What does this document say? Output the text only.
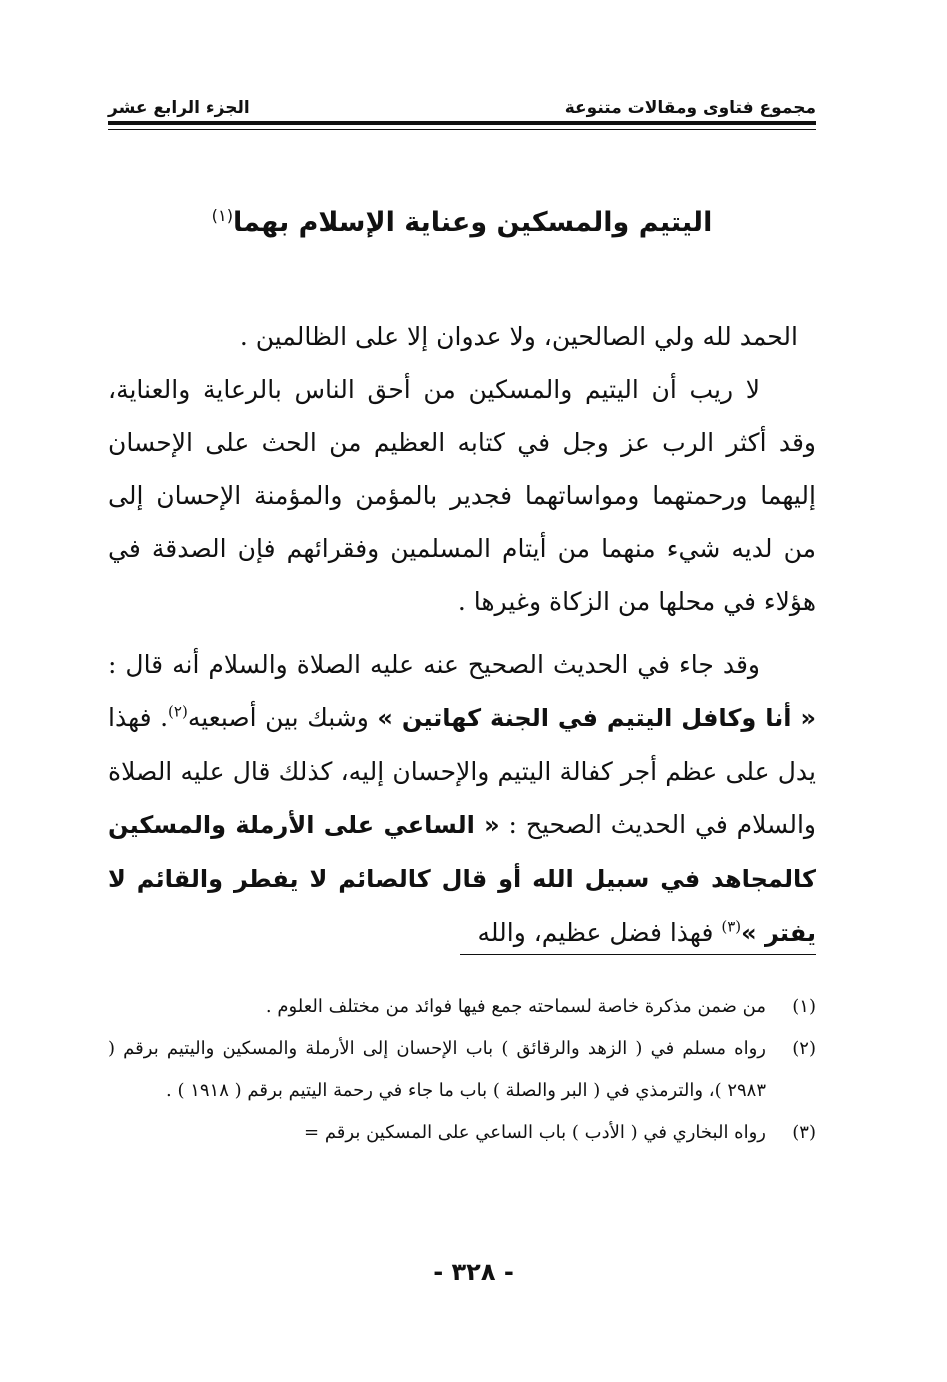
مجموع فتاوى ومقالات متنوعة
الجزء الرابع عشر
اليتيم والمسكين وعناية الإسلام بهما$^{(١)}$

الحمد لله ولي الصالحين، ولا عدوان إلا على الظالمين .

لا ريب أن اليتيم والمسكين من أحق الناس بالرعاية والعناية، وقد أكثر الرب عز وجل في كتابه العظيم من الحث على الإحسان إليهما ورحمتهما ومواساتهما فجدير بالمؤمن والمؤمنة الإحسان إلى من لديه شيء منهما من أيتام المسلمين وفقرائهم فإن الصدقة في هؤلاء في محلها من الزكاة وغيرها .

وقد جاء في الحديث الصحيح عنه عليه الصلاة والسلام أنه قال : « أنا وكافل اليتيم في الجنة كهاتين » وشبك بين أصبعيه$^{(٢)}$. فهذا يدل على عظم أجر كفالة اليتيم والإحسان إليه، كذلك قال عليه الصلاة والسلام في الحديث الصحيح : « الساعي على الأرملة والمسكين كالمجاهد في سبيل الله أو قال كالصائم لا يفطر والقائم لا يفتر »$^{(٣)}$ فهذا فضل عظيم، والله

(١)
من ضمن مذكرة خاصة لسماحته جمع فيها فوائد من مختلف العلوم .
(٢)
رواه مسلم في ( الزهد والرقائق ) باب الإحسان إلى الأرملة والمسكين واليتيم برقم ( ٢٩٨٣ )، والترمذي في ( البر والصلة ) باب ما جاء في رحمة اليتيم برقم ( ١٩١٨ ) .
(٣)
رواه البخاري في ( الأدب ) باب الساعي على المسكين برقم =
- ٣٢٨ -
